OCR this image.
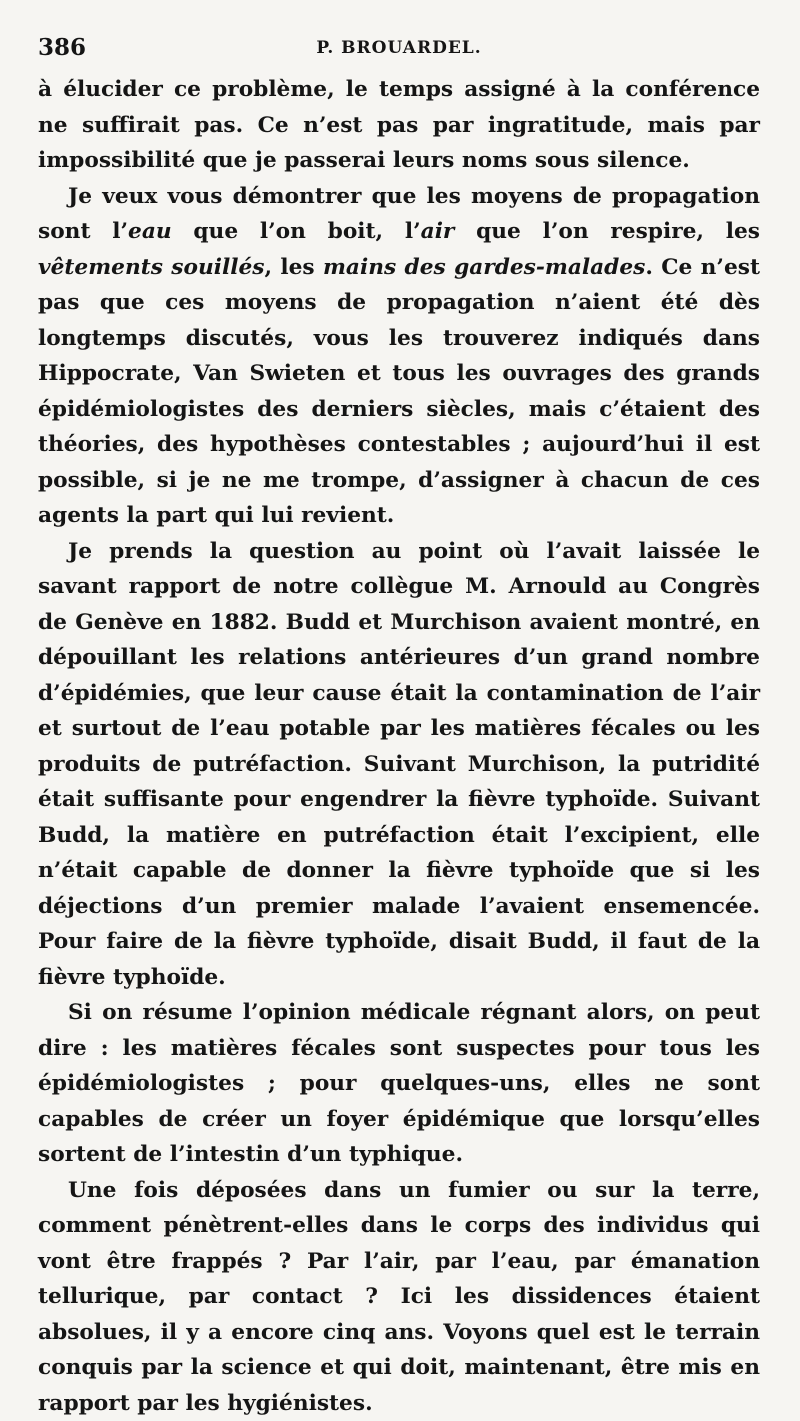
386	P. BROUARDEL.

à élucider ce problème, le temps assigné à la conférence ne suffirait pas. Ce n’est pas par ingratitude, mais par impossibilité que je passerai leurs noms sous silence.

Je veux vous démontrer que les moyens de propagation sont l’eau que l’on boit, l’air que l’on respire, les vêtements souillés, les mains des gardes-malades. Ce n’est pas que ces moyens de propagation n’aient été dès longtemps discutés, vous les trouverez indiqués dans Hippocrate, Van Swieten et tous les ouvrages des grands épidémiologistes des derniers siècles, mais c’étaient des théories, des hypothèses contestables ; aujourd’hui il est possible, si je ne me trompe, d’assigner à chacun de ces agents la part qui lui revient.

Je prends la question au point où l’avait laissée le savant rapport de notre collègue M. Arnould au Congrès de Genève en 1882. Budd et Murchison avaient montré, en dépouillant les relations antérieures d’un grand nombre d’épidémies, que leur cause était la contamination de l’air et surtout de l’eau potable par les matières fécales ou les produits de putréfaction. Suivant Murchison, la putridité était suffisante pour engendrer la fièvre typhoïde. Suivant Budd, la matière en putréfaction était l’excipient, elle n’était capable de donner la fièvre typhoïde que si les déjections d’un premier malade l’avaient ensemencée. Pour faire de la fièvre typhoïde, disait Budd, il faut de la fièvre typhoïde.

Si on résume l’opinion médicale régnant alors, on peut dire : les matières fécales sont suspectes pour tous les épidémiologistes ; pour quelques-uns, elles ne sont capables de créer un foyer épidémique que lorsqu’elles sortent de l’intestin d’un typhique.

Une fois déposées dans un fumier ou sur la terre, comment pénètrent-elles dans le corps des individus qui vont être frappés ? Par l’air, par l’eau, par émanation tellurique, par contact ? Ici les dissidences étaient absolues, il y a encore cinq ans. Voyons quel est le terrain conquis par la science et qui doit, maintenant, être mis en rapport par les hygiénistes.
